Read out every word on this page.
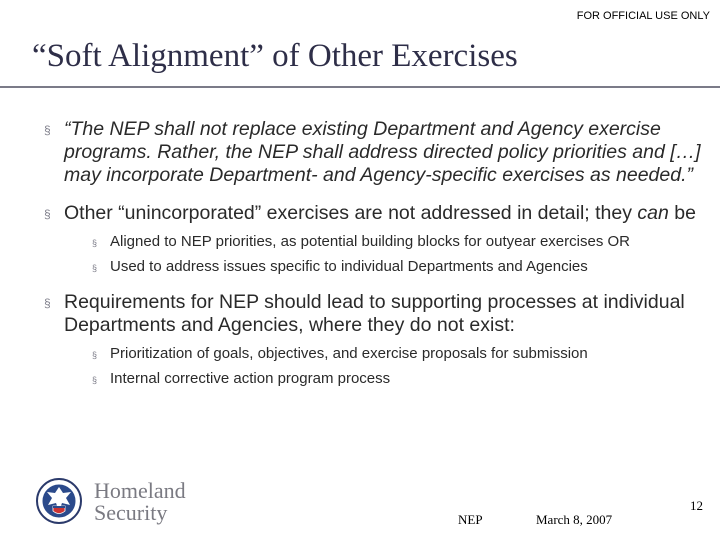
FOR OFFICIAL USE ONLY
“Soft Alignment” of Other Exercises
§ “The NEP shall not replace existing Department and Agency exercise programs. Rather, the NEP shall address directed policy priorities and […] may incorporate Department- and Agency-specific exercises as needed.”
§ Other “unincorporated” exercises are not addressed in detail; they can be
§ Aligned to NEP priorities, as potential building blocks for outyear exercises OR
§ Used to address issues specific to individual Departments and Agencies
§ Requirements for NEP should lead to supporting processes at individual Departments and Agencies, where they do not exist:
§ Prioritization of goals, objectives, and exercise proposals for submission
§ Internal corrective action program process
Homeland
Security	NEP	March 8, 2007
12
